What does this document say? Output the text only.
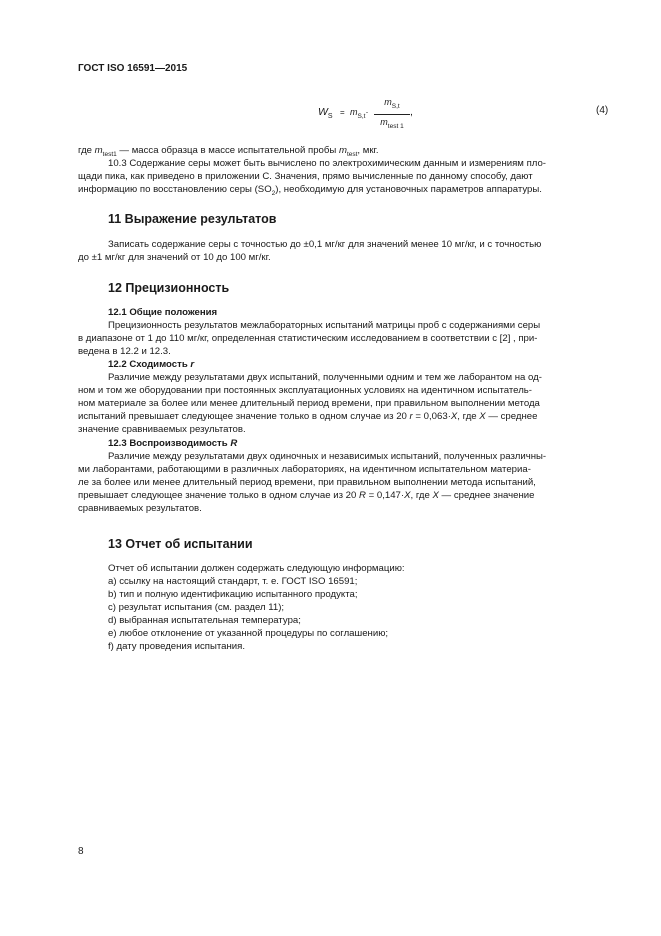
ГОСТ ISO 16591—2015
$W_S = m_{S,t}\cdot$
$m_{S,t}$
$m_{test 1}$
,	(4)

где $m_{test1}$ — масса образца в массе испытательной пробы $m_{test}$, мкг.

10.3 Содержание серы может быть вычислено по электрохимическим данным и измерениям пло-

щади пика, как приведено в приложении С. Значения, прямо вычисленные по данному способу, дают

информацию по восстановлению серы $(SO_2)$, необходимую для установочных параметров аппаратуры.

11 Выражение результатов

Записать содержание серы с точностью до ±0,1 мг/кг для значений менее 10 мг/кг, и с точностью

до ±1 мг/кг для значений от 10 до 100 мг/кг.

12 Прецизионность
12.1 Общие положения

Прецизионность результатов межлабораторных испытаний матрицы проб с содержаниями серы

в диапазоне от 1 до 110 мг/кг, определенная статистическим исследованием в соответствии с [2] , при-

ведена в 12.2 и 12.3.

12.2 Сходимость r

Различие между результатами двух испытаний, полученными одним и тем же лаборантом на од-

ном и том же оборудовании при постоянных эксплуатационных условиях на идентичном испытатель-

ном материале за более или менее длительный период времени, при правильном выполнении метода

испытаний превышает следующее значение только в одном случае из 20 r = 0,063·X, где X — среднее

значение сравниваемых результатов.

12.3 Воспроизводимость R

Различие между результатами двух одиночных и независимых испытаний, полученных различны-

ми лаборантами, работающими в различных лабораториях, на идентичном испытательном материа-

ле за более или менее длительный период времени, при правильном выполнении метода испытаний,

превышает следующее значение только в одном случае из 20 R = 0,147·X, где X — среднее значение

сравниваемых результатов.

13 Отчет об испытании
Отчет об испытании должен содержать следующую информацию:
a) ссылку на настоящий стандарт, т. е. ГОСТ ISO 16591;
b) тип и полную идентификацию испытанного продукта;
c) результат испытания (см. раздел 11);
d) выбранная испытательная температура;
e) любое отклонение от указанной процедуры по соглашению;
f) дату проведения испытания.
8
